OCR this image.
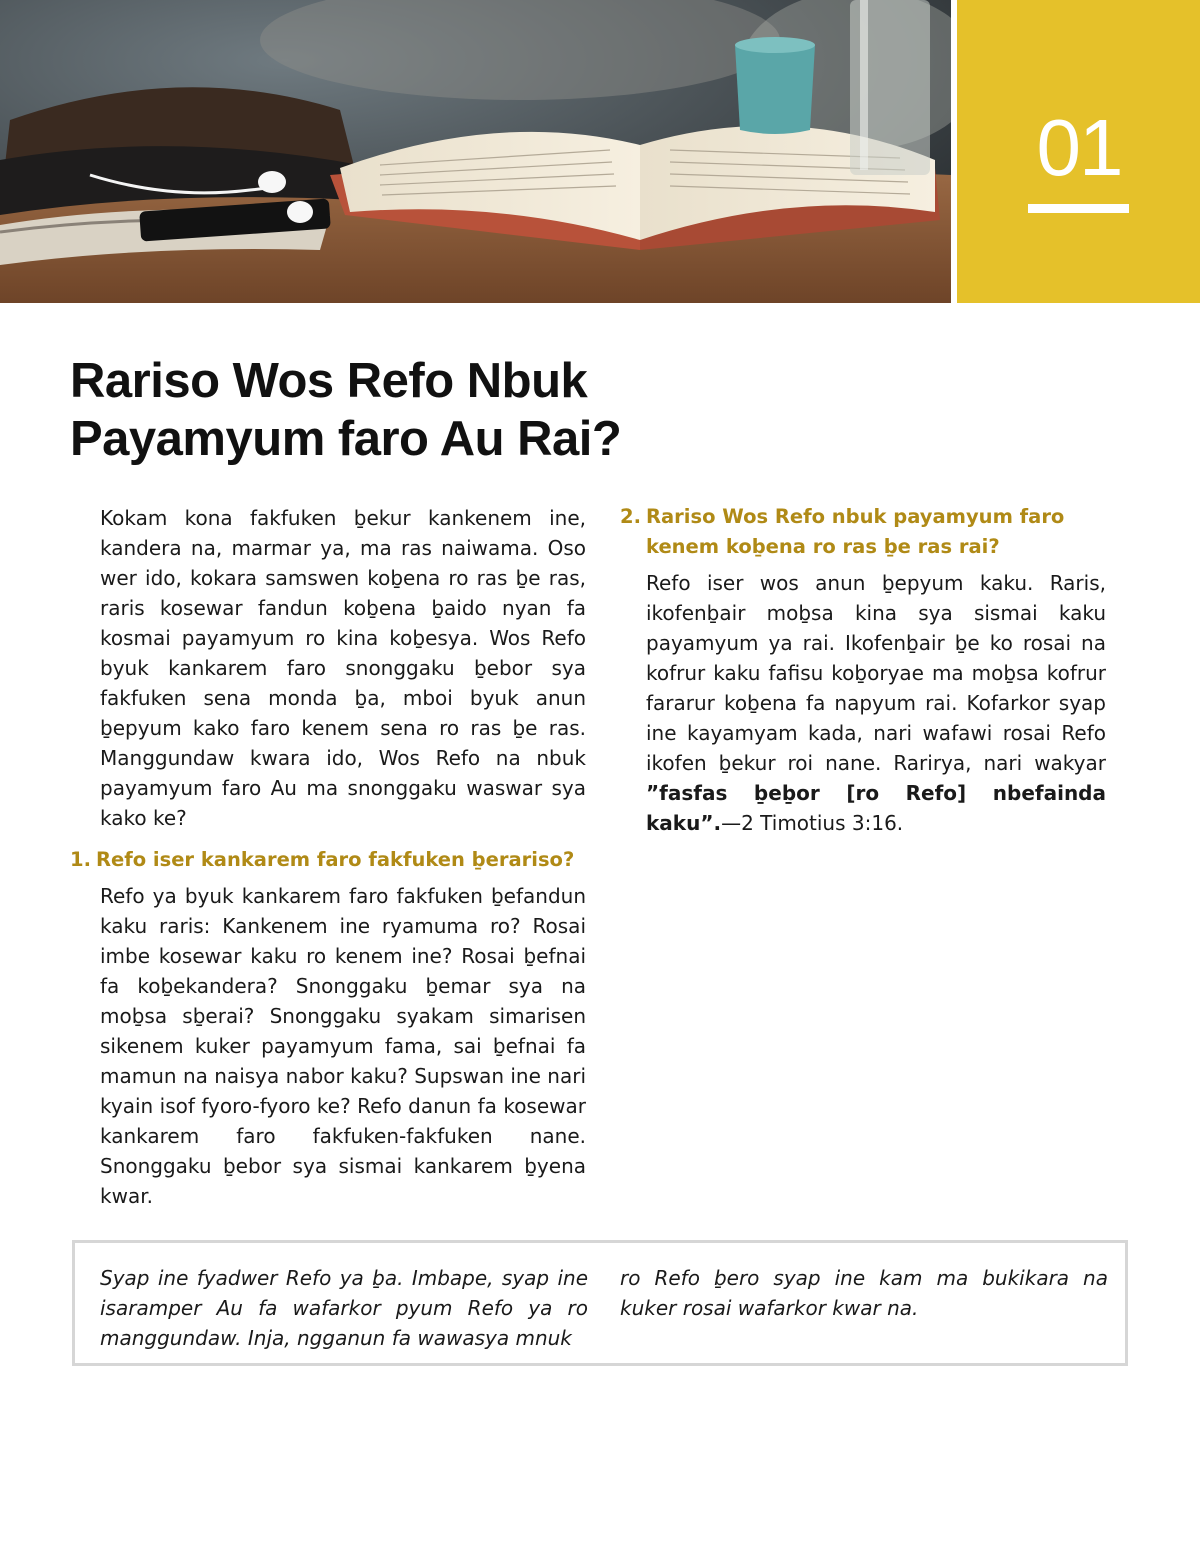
01
Rariso Wos Refo Nbuk
Payamyum faro Au Rai?

Kokam kona fakfuken ḇekur kankenem ine, kandera na, marmar ya, ma ras naiwama. Oso wer ido, kokara samswen koḇena ro ras ḇe ras, raris kosewar fandun koḇena ḇaido nyan fa kosmai payamyum ro kina koḇesya. Wos Refo byuk kankarem faro snonggaku ḇebor sya fakfuken sena monda ḇa, mboi byuk anun ḇepyum kako faro kenem sena ro ras ḇe ras. Manggundaw kwara ido, Wos Refo na nbuk payamyum faro Au ma snonggaku waswar sya kako ke?

1. Refo iser kankarem faro fakfuken ḇerariso?

Refo ya byuk kankarem faro fakfuken ḇefandun kaku raris: Kankenem ine ryamuma ro? Rosai imbe kosewar kaku ro kenem ine? Rosai ḇefnai fa koḇekandera? Snonggaku ḇemar sya na moḇsa sḇerai? Snonggaku syakam simarisen sikenem kuker payamyum fama, sai ḇefnai fa mamun na naisya nabor kaku? Supswan ine nari kyain isof fyoro-fyoro ke? Refo danun fa kosewar kankarem faro fakfuken-fakfuken nane. Snonggaku ḇebor sya sismai kankarem ḇyena kwar.

2. Rariso Wos Refo nbuk payamyum faro kenem koḇena ro ras ḇe ras rai?

Refo iser wos anun ḇepyum kaku. Raris, ikofenḇair moḇsa kina sya sismai kaku payamyum ya rai. Ikofenḇair ḇe ko rosai na kofrur kaku fafisu koḇoryae ma moḇsa kofrur fararur koḇena fa napyum rai. Kofarkor syap ine kayamyam kada, nari wafawi rosai Refo ikofen ḇekur roi nane. Rarirya, nari wakyar ”fasfas ḇeḇor [ro Refo] nbefainda kaku”.—2 Timotius 3:16.

Syap ine fyadwer Refo ya ḇa. Imbape, syap ine isaramper Au fa wafarkor pyum Refo ya ro manggundaw. Inja, ngganun fa wawasya mnuk

ro Refo ḇero syap ine kam ma bukikara na kuker rosai wafarkor kwar na.
